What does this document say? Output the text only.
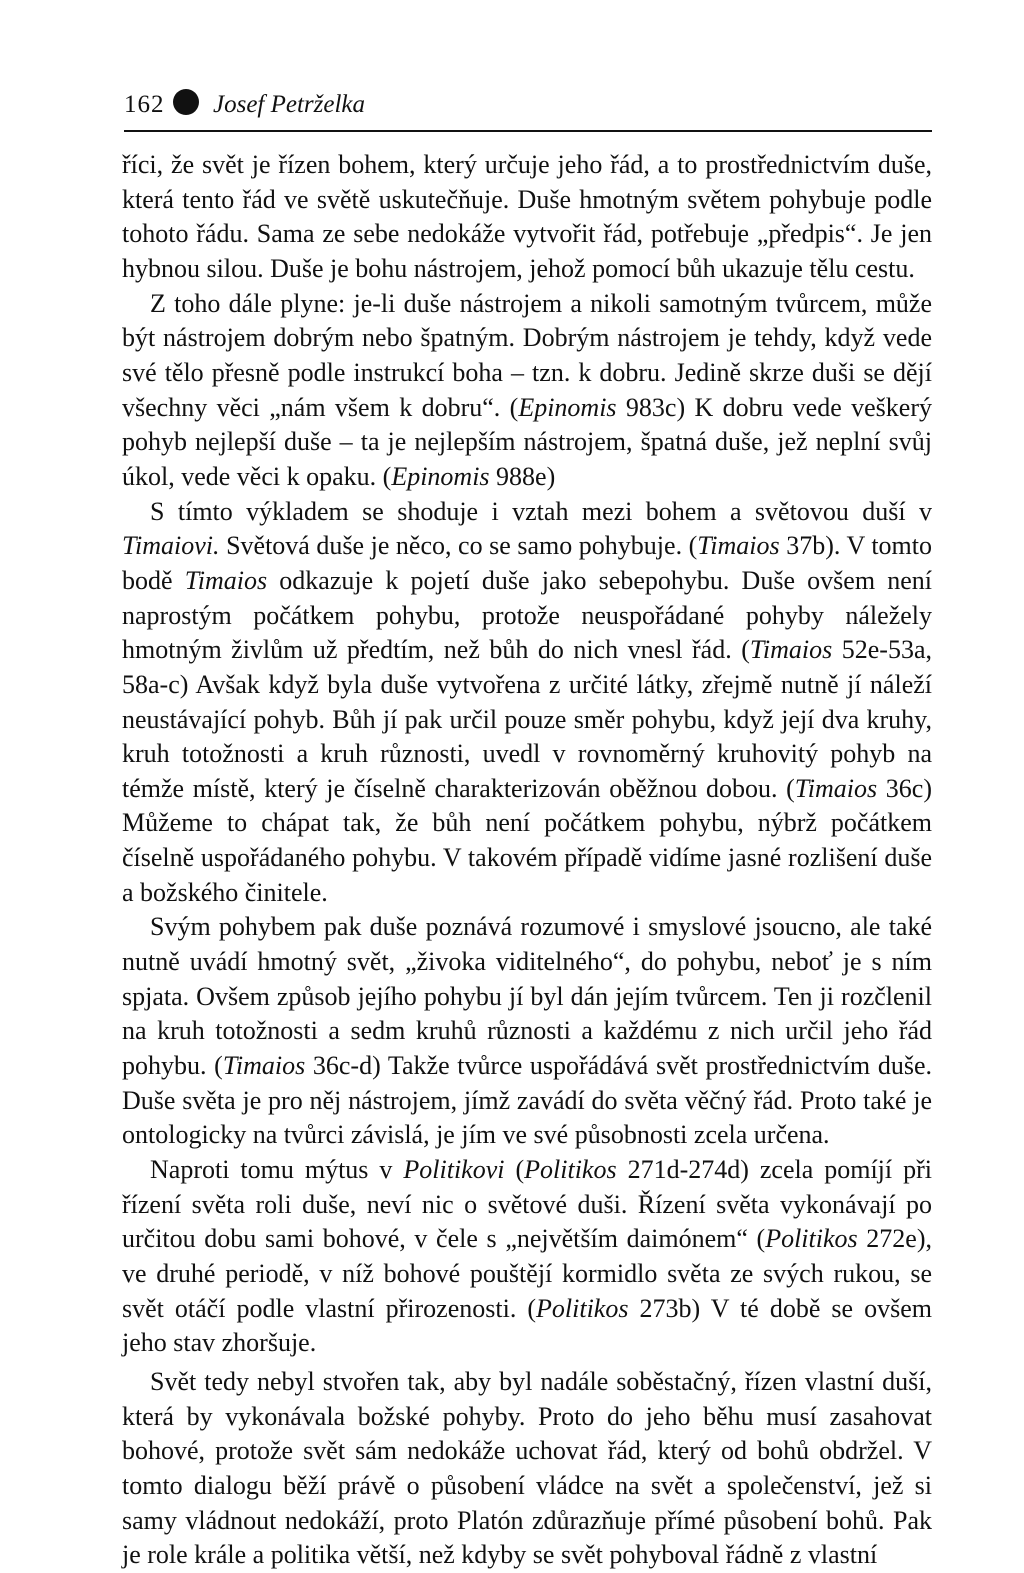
162 Josef Petrželka

říci, že svět je řízen bohem, který určuje jeho řád, a to prostřednictvím duše, která tento řád ve světě uskutečňuje. Duše hmotným světem pohybuje podle tohoto řádu. Sama ze sebe nedokáže vytvořit řád, potřebuje „předpis“. Je jen hybnou silou. Duše je bohu nástrojem, jehož pomocí bůh ukazuje tělu cestu.

Z toho dále plyne: je-li duše nástrojem a nikoli samotným tvůrcem, může být nástrojem dobrým nebo špatným. Dobrým nástrojem je tehdy, když vede své tělo přesně podle instrukcí boha – tzn. k dobru. Jedině skrze duši se dějí všechny věci „nám všem k dobru“. (Epinomis 983c) K dobru vede veškerý pohyb nejlepší duše – ta je nejlepším nástrojem, špatná duše, jež neplní svůj úkol, vede věci k opaku. (Epinomis 988e)

S tímto výkladem se shoduje i vztah mezi bohem a světovou duší v Timaiovi. Světová duše je něco, co se samo pohybuje. (Timaios 37b). V tomto bodě Timaios odkazuje k pojetí duše jako sebepohybu. Duše ovšem není naprostým počátkem pohybu, protože neuspořádané pohyby náležely hmotným živlům už předtím, než bůh do nich vnesl řád. (Timaios 52e-53a, 58a-c) Avšak když byla duše vytvořena z určité látky, zřejmě nutně jí náleží neustávající pohyb. Bůh jí pak určil pouze směr pohybu, když její dva kruhy, kruh totožnosti a kruh různosti, uvedl v rovnoměrný kruhovitý pohyb na témže místě, který je číselně charakterizován oběžnou dobou. (Timaios 36c) Můžeme to chápat tak, že bůh není počátkem pohybu, nýbrž počátkem číselně uspořádaného pohybu. V takovém případě vidíme jasné rozlišení duše a božského činitele.

Svým pohybem pak duše poznává rozumové i smyslové jsoucno, ale také nutně uvádí hmotný svět, „živoka viditelného“, do pohybu, neboť je s ním spjata. Ovšem způsob jejího pohybu jí byl dán jejím tvůrcem. Ten ji rozčlenil na kruh totožnosti a sedm kruhů různosti a každému z nich určil jeho řád pohybu. (Timaios 36c-d) Takže tvůrce uspořádává svět prostřednictvím duše. Duše světa je pro něj nástrojem, jímž zavádí do světa věčný řád. Proto také je ontologicky na tvůrci závislá, je jím ve své působnosti zcela určena.

Naproti tomu mýtus v Politikovi (Politikos 271d-274d) zcela pomíjí při řízení světa roli duše, neví nic o světové duši. Řízení světa vykonávají po určitou dobu sami bohové, v čele s „největším daimónem“ (Politikos 272e), ve druhé periodě, v níž bohové pouštějí kormidlo světa ze svých rukou, se svět otáčí podle vlastní přirozenosti. (Politikos 273b) V té době se ovšem jeho stav zhoršuje.

Svět tedy nebyl stvořen tak, aby byl nadále soběstačný, řízen vlastní duší, která by vykonávala božské pohyby. Proto do jeho běhu musí zasahovat bohové, protože svět sám nedokáže uchovat řád, který od bohů obdržel. V tomto dialogu běží právě o působení vládce na svět a společenství, jež si samy vládnout nedokáží, proto Platón zdůrazňuje přímé působení bohů. Pak je role krále a politika větší, než kdyby se svět pohyboval řádně z vlastní
